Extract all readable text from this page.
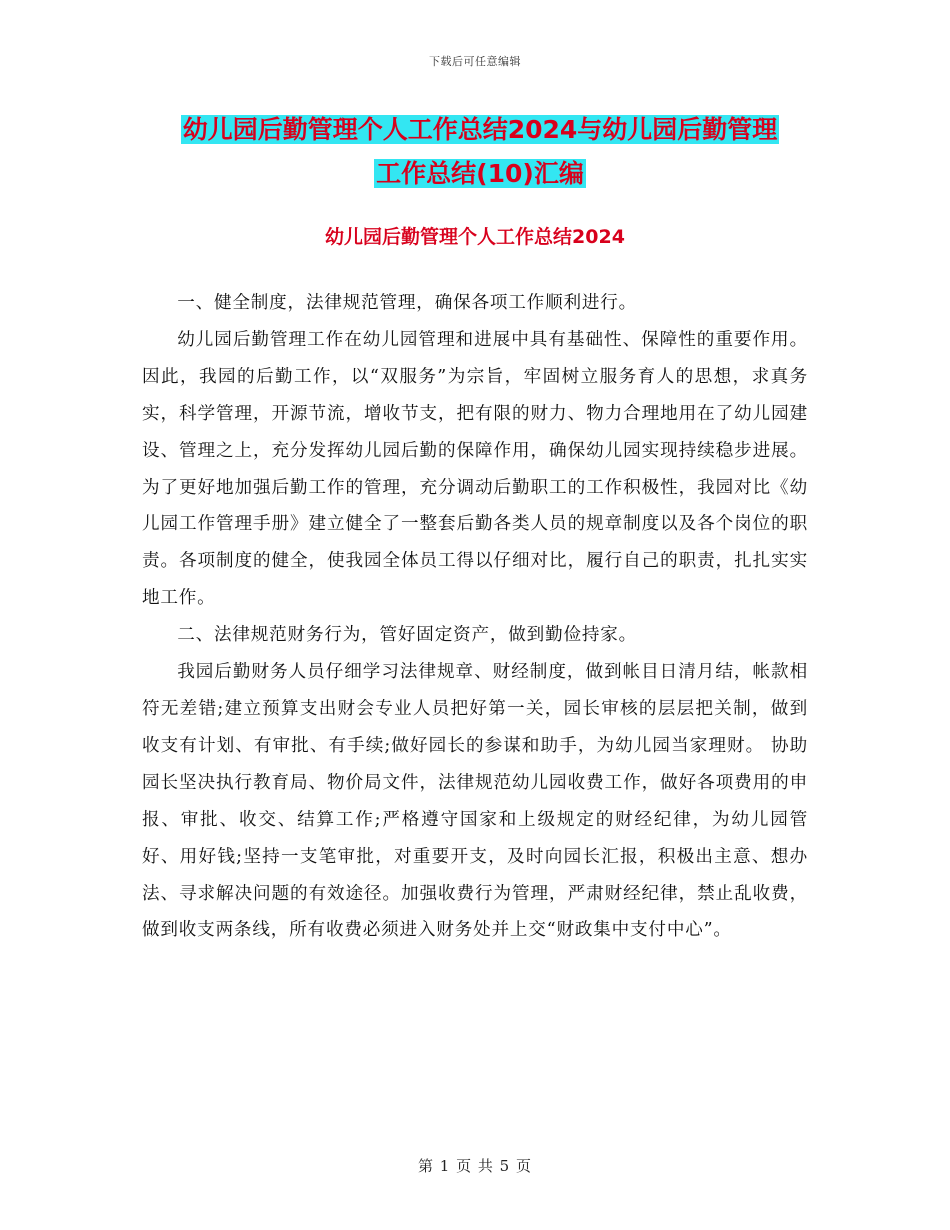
下载后可任意编辑
幼儿园后勤管理个人工作总结2024与幼儿园后勤管理
工作总结(10)汇编
幼儿园后勤管理个人工作总结2024

一、健全制度，法律规范管理，确保各项工作顺利进行。

幼儿园后勤管理工作在幼儿园管理和进展中具有基础性、保障性的重要作用。因此，我园的后勤工作，以“双服务”为宗旨，牢固树立服务育人的思想，求真务实，科学管理，开源节流，增收节支，把有限的财力、物力合理地用在了幼儿园建设、管理之上，充分发挥幼儿园后勤的保障作用，确保幼儿园实现持续稳步进展。为了更好地加强后勤工作的管理，充分调动后勤职工的工作积极性，我园对比《幼儿园工作管理手册》建立健全了一整套后勤各类人员的规章制度以及各个岗位的职责。各项制度的健全，使我园全体员工得以仔细对比，履行自己的职责，扎扎实实地工作。

二、法律规范财务行为，管好固定资产，做到勤俭持家。

我园后勤财务人员仔细学习法律规章、财经制度，做到帐目日清月结，帐款相符无差错;建立预算支出财会专业人员把好第一关，园长审核的层层把关制，做到收支有计划、有审批、有手续;做好园长的参谋和助手，为幼儿园当家理财。 协助园长坚决执行教育局、物价局文件，法律规范幼儿园收费工作，做好各项费用的申报、审批、收交、结算工作;严格遵守国家和上级规定的财经纪律，为幼儿园管好、用好钱;坚持一支笔审批，对重要开支，及时向园长汇报，积极出主意、想办法、寻求解决问题的有效途径。加强收费行为管理，严肃财经纪律，禁止乱收费，做到收支两条线，所有收费必须进入财务处并上交“财政集中支付中心”。

第 1 页 共 5 页
